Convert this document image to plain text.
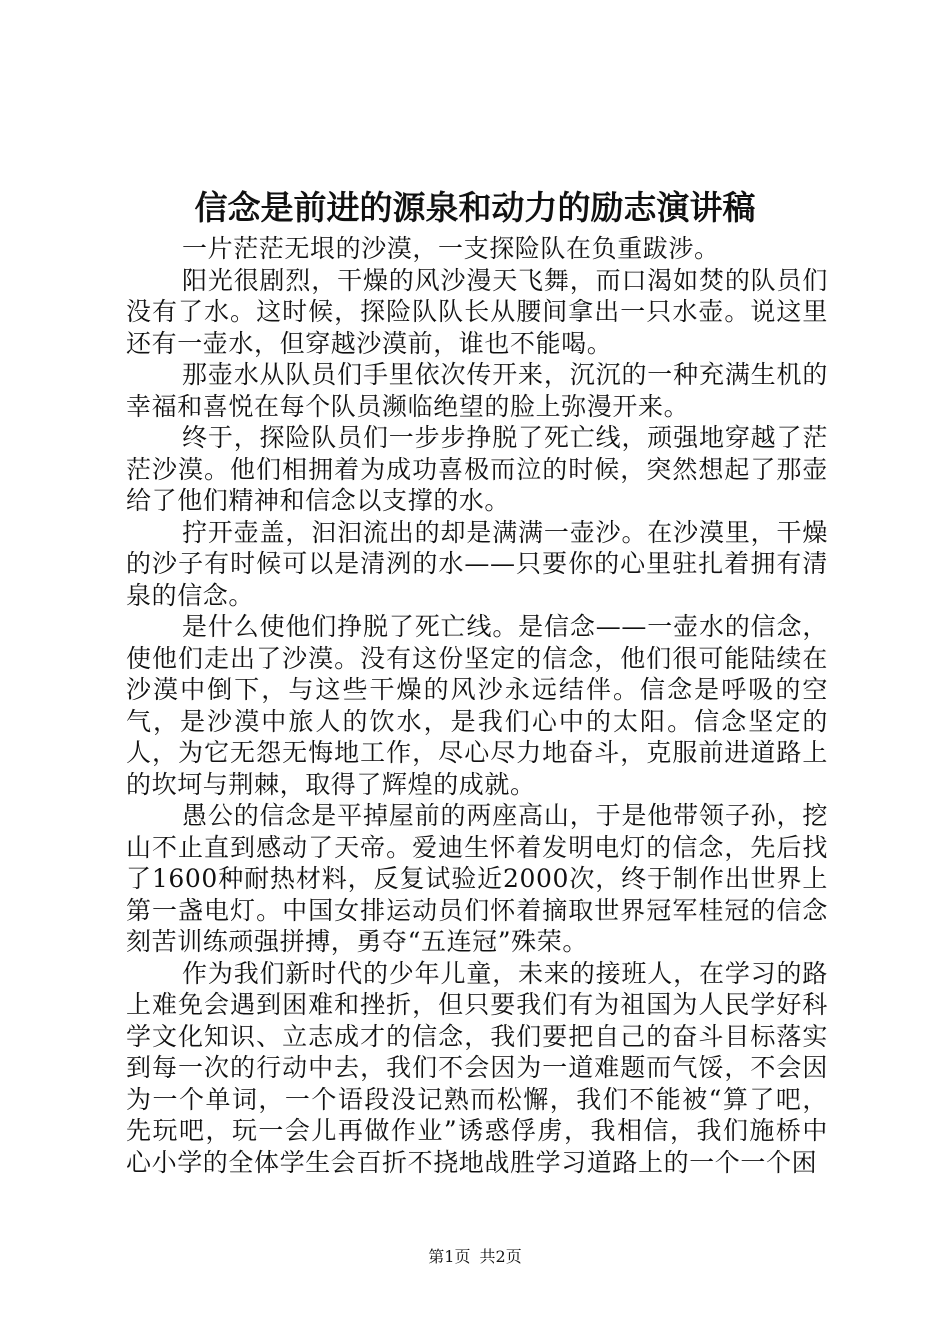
信念是前进的源泉和动力的励志演讲稿

一片茫茫无垠的沙漠，一支探险队在负重跋涉。

阳光很剧烈，干燥的风沙漫天飞舞，而口渴如焚的队员们没有了水。这时候，探险队队长从腰间拿出一只水壶。说这里还有一壶水，但穿越沙漠前，谁也不能喝。

那壶水从队员们手里依次传开来，沉沉的一种充满生机的幸福和喜悦在每个队员濒临绝望的脸上弥漫开来。

终于，探险队员们一步步挣脱了死亡线，顽强地穿越了茫茫沙漠。他们相拥着为成功喜极而泣的时候，突然想起了那壶给了他们精神和信念以支撑的水。

拧开壶盖，汩汩流出的却是满满一壶沙。在沙漠里，干燥的沙子有时候可以是清洌的水——只要你的心里驻扎着拥有清泉的信念。

是什么使他们挣脱了死亡线。是信念——一壶水的信念，使他们走出了沙漠。没有这份坚定的信念，他们很可能陆续在沙漠中倒下，与这些干燥的风沙永远结伴。信念是呼吸的空气，是沙漠中旅人的饮水，是我们心中的太阳。信念坚定的人，为它无怨无悔地工作，尽心尽力地奋斗，克服前进道路上的坎坷与荆棘，取得了辉煌的成就。

愚公的信念是平掉屋前的两座高山，于是他带领子孙，挖山不止直到感动了天帝。爱迪生怀着发明电灯的信念，先后找了1600种耐热材料，反复试验近2000次，终于制作出世界上第一盏电灯。中国女排运动员们怀着摘取世界冠军桂冠的信念刻苦训练顽强拼搏，勇夺“五连冠”殊荣。

作为我们新时代的少年儿童，未来的接班人，在学习的路上难免会遇到困难和挫折，但只要我们有为祖国为人民学好科学文化知识、立志成才的信念，我们要把自己的奋斗目标落实到每一次的行动中去，我们不会因为一道难题而气馁，不会因为一个单词，一个语段没记熟而松懈，我们不能被“算了吧，先玩吧，玩一会儿再做作业”诱惑俘虏，我相信，我们施桥中心小学的全体学生会百折不挠地战胜学习道路上的一个一个困

第1页 共2页
